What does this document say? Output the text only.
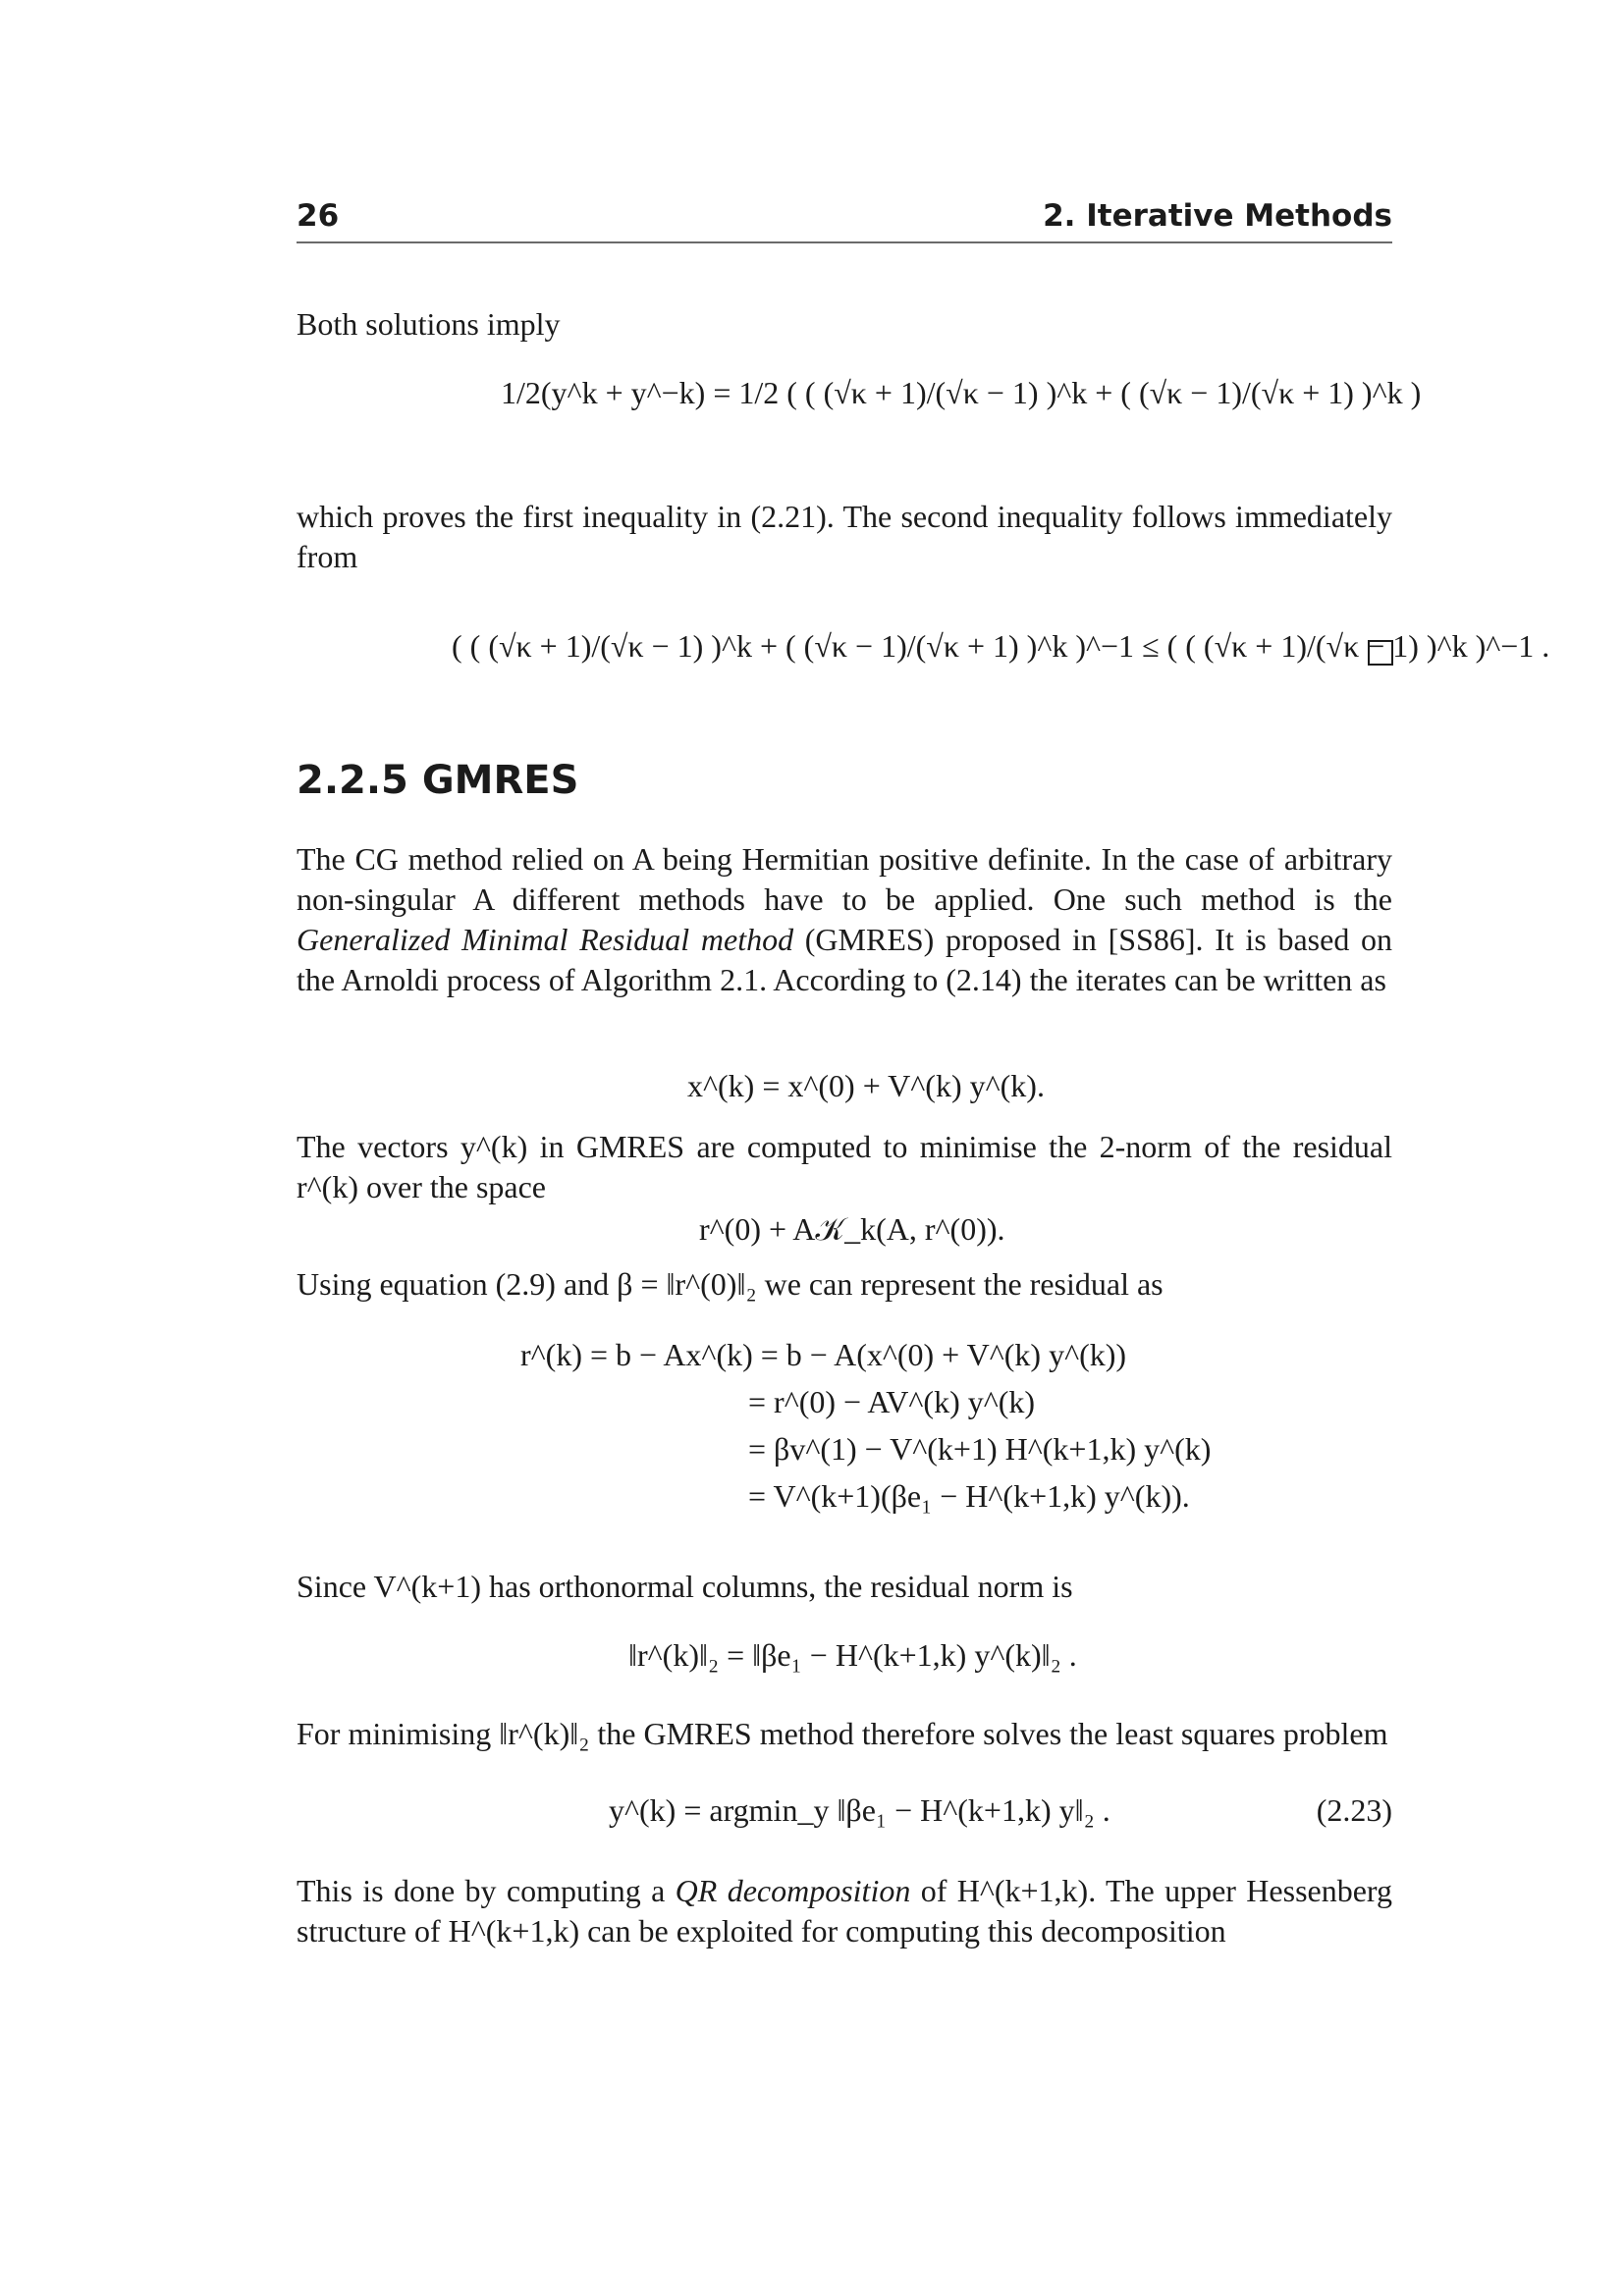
26	2. Iterative Methods
Both solutions imply
1/2(y^k + y^−k) = 1/2 ( ( (√κ + 1)/(√κ − 1) )^k + ( (√κ − 1)/(√κ + 1) )^k )
which proves the first inequality in (2.21). The second inequality follows immediately from
( ( (√κ + 1)/(√κ − 1) )^k + ( (√κ − 1)/(√κ + 1) )^k )^−1 ≤ ( ( (√κ + 1)/(√κ − 1) )^k )^−1 .
2.2.5 GMRES
The CG method relied on A being Hermitian positive definite. In the case of arbitrary non-singular A different methods have to be applied. One such method is the Generalized Minimal Residual method (GMRES) proposed in [SS86]. It is based on the Arnoldi process of Algorithm 2.1. According to (2.14) the iterates can be written as
x^(k) = x^(0) + V^(k) y^(k).
The vectors y^(k) in GMRES are computed to minimise the 2-norm of the residual r^(k) over the space
r^(0) + A𝒦_k(A, r^(0)).
Using equation (2.9) and β = ‖r^(0)‖₂ we can represent the residual as
r^(k) = b − Ax^(k) = b − A(x^(0) + V^(k) y^(k))
= r^(0) − AV^(k) y^(k)
= βv^(1) − V^(k+1) H^(k+1,k) y^(k)
= V^(k+1)(βe₁ − H^(k+1,k) y^(k)).
Since V^(k+1) has orthonormal columns, the residual norm is
‖r^(k)‖₂ = ‖βe₁ − H^(k+1,k) y^(k)‖₂ .
For minimising ‖r^(k)‖₂ the GMRES method therefore solves the least squares problem
y^(k) = argmin_y ‖βe₁ − H^(k+1,k) y‖₂ .	(2.23)
This is done by computing a QR decomposition of H^(k+1,k). The upper Hessenberg structure of H^(k+1,k) can be exploited for computing this decomposition
